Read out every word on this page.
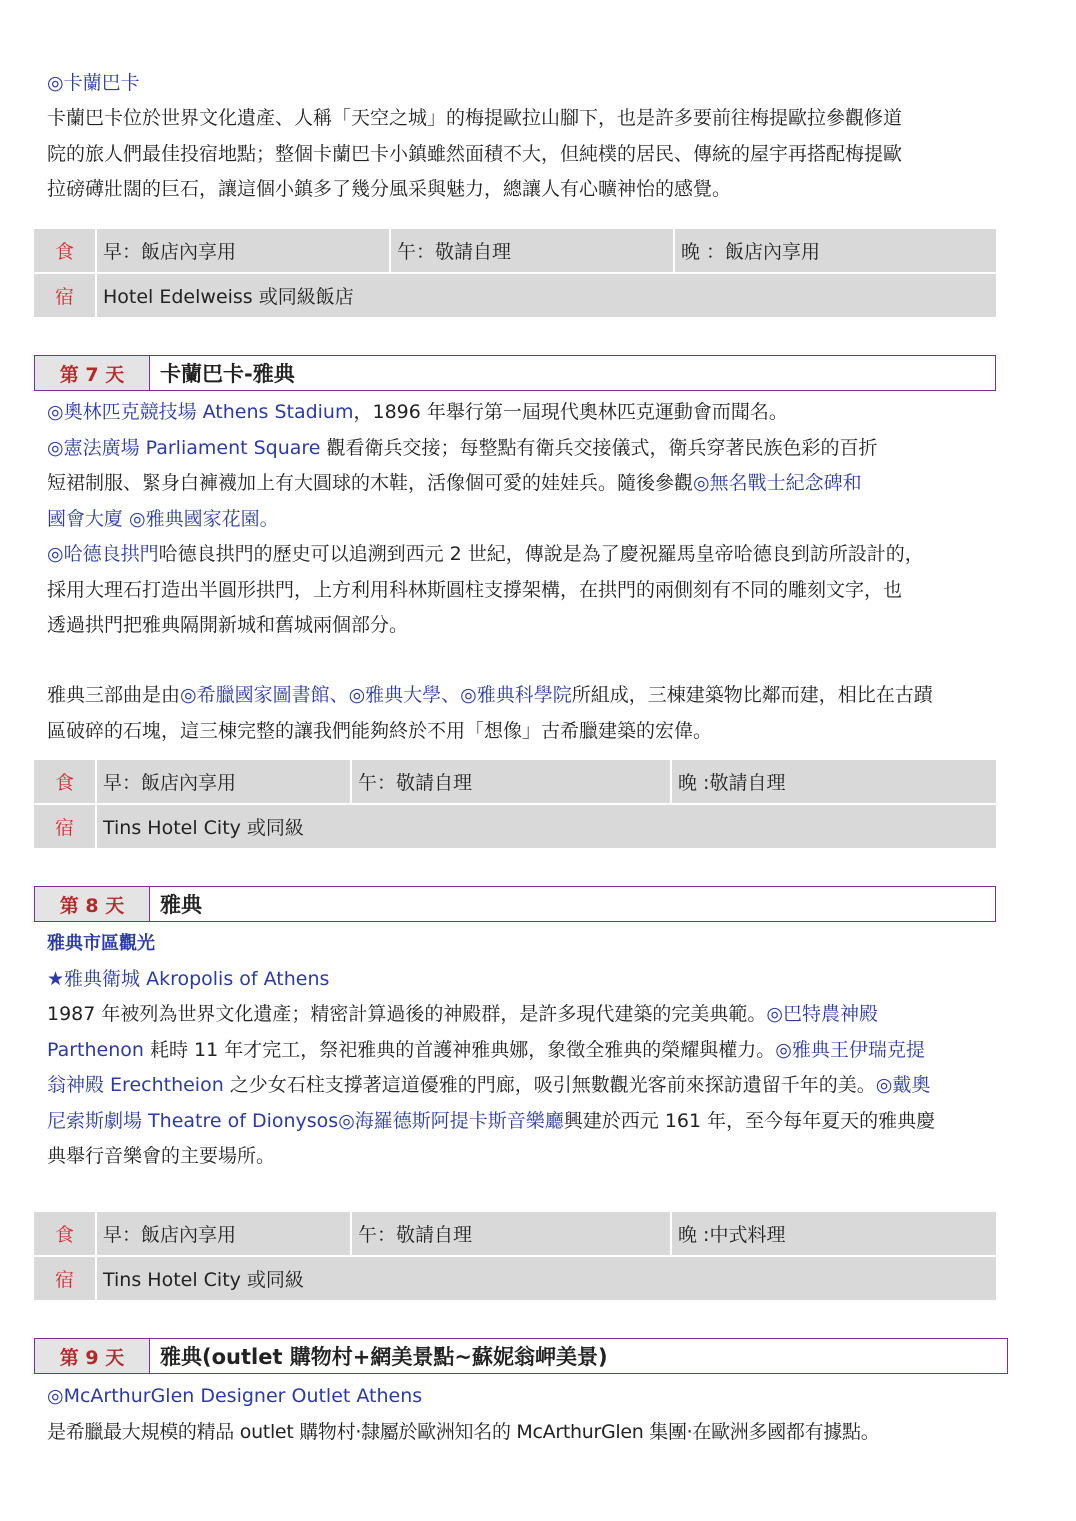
◎卡蘭巴卡
卡蘭巴卡位於世界文化遺產、人稱「天空之城」的梅提歐拉山腳下，也是許多要前往梅提歐拉參觀修道
院的旅人們最佳投宿地點；整個卡蘭巴卡小鎮雖然面積不大，但純樸的居民、傳統的屋宇再搭配梅提歐
拉磅礡壯闊的巨石，讓這個小鎮多了幾分風采與魅力，總讓人有心曠神怡的感覺。
食	早：飯店內享用	午：敬請自理	晚 ：飯店內享用
宿	Hotel Edelweiss 或同級飯店
第 7 天	卡蘭巴卡-雅典
◎奧林匹克競技場 Athens Stadium，1896 年舉行第一屆現代奧林匹克運動會而聞名。
◎憲法廣場 Parliament Square 觀看衛兵交接；每整點有衛兵交接儀式，衛兵穿著民族色彩的百折
短裙制服、緊身白褲襪加上有大圓球的木鞋，活像個可愛的娃娃兵。隨後參觀◎無名戰士紀念碑和
國會大廈 ◎雅典國家花園。
◎哈德良拱門哈德良拱門的歷史可以追溯到西元 2 世紀，傳說是為了慶祝羅馬皇帝哈德良到訪所設計的，
採用大理石打造出半圓形拱門，上方利用科林斯圓柱支撐架構，在拱門的兩側刻有不同的雕刻文字，也
透過拱門把雅典隔開新城和舊城兩個部分。
雅典三部曲是由◎希臘國家圖書館、◎雅典大學、◎雅典科學院所組成，三棟建築物比鄰而建，相比在古蹟
區破碎的石塊，這三棟完整的讓我們能夠終於不用「想像」古希臘建築的宏偉。
食	早：飯店內享用	午：敬請自理	晚 :敬請自理
宿	Tins Hotel City 或同級
第 8 天	雅典
雅典市區觀光
★雅典衛城 Akropolis of Athens
1987 年被列為世界文化遺產；精密計算過後的神殿群，是許多現代建築的完美典範。◎巴特農神殿
Parthenon 耗時 11 年才完工，祭祀雅典的首護神雅典娜，象徵全雅典的榮耀與權力。◎雅典王伊瑞克提
翁神殿 Erechtheion 之少女石柱支撐著這道優雅的門廊，吸引無數觀光客前來探訪遺留千年的美。◎戴奧
尼索斯劇場 Theatre of Dionysos◎海羅德斯阿提卡斯音樂廳興建於西元 161 年，至今每年夏天的雅典慶
典舉行音樂會的主要場所。
食	早：飯店內享用	午：敬請自理	晚 :中式料理
宿	Tins Hotel City 或同級
第 9 天	雅典(outlet 購物村+網美景點~蘇妮翁岬美景)
◎McArthurGlen Designer Outlet Athens
是希臘最大規模的精品 outlet 購物村‧隸屬於歐洲知名的 McArthurGlen 集團‧在歐洲多國都有據點。
